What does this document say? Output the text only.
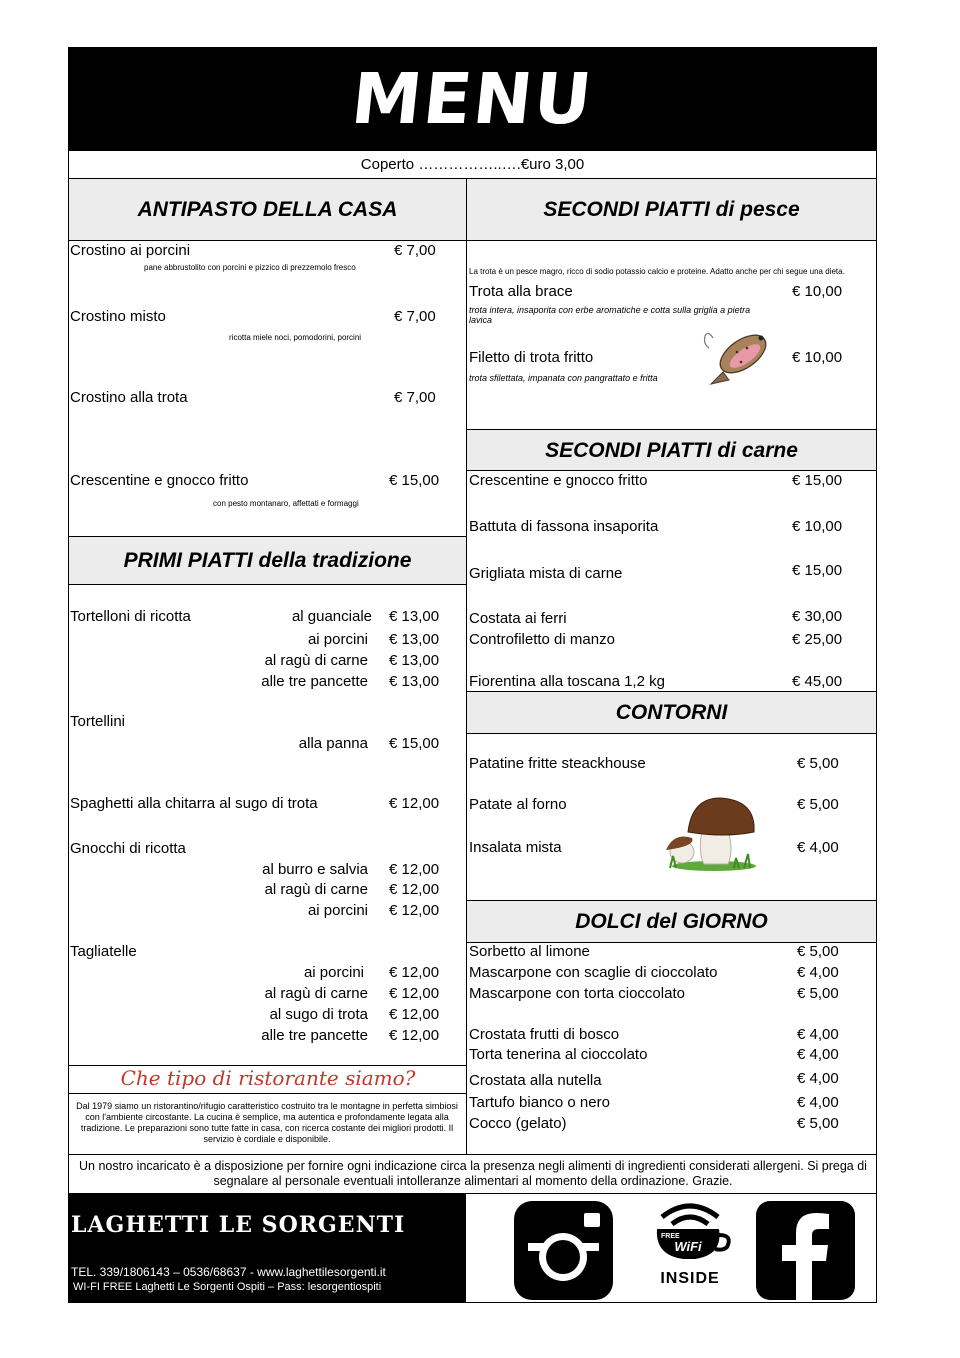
MENU
Coperto ……………..….€uro 3,00
ANTIPASTO DELLA CASA
Crostino ai porcini	€ 7,00
pane abbrustolito con porcini e pizzico di prezzemolo fresco
Crostino misto	€ 7,00
ricotta miele noci, pomodorini, porcini
Crostino alla trota	€ 7,00
Crescentine e gnocco fritto	€ 15,00
con pesto montanaro, affettati e formaggi
PRIMI PIATTI della tradizione
Tortelloni di ricotta	al guanciale € 13,00
ai porcini € 13,00
al ragù di carne € 13,00
alle tre pancette € 13,00
Tortellini
alla panna € 15,00
Spaghetti alla chitarra al sugo di trota	€ 12,00
Gnocchi di ricotta
al burro e salvia € 12,00
al ragù di carne € 12,00
ai porcini € 12,00
Tagliatelle
ai porcini € 12,00
al ragù di carne € 12,00
al sugo di trota € 12,00
alle tre pancette € 12,00
Che tipo di ristorante siamo?
Dal 1979 siamo un ristorantino/rifugio caratteristico costruito tra le montagne in perfetta simbiosi con l'ambiente circostante. La cucina è semplice, ma autentica e profondamente legata alla tradizione. Le preparazioni sono tutte fatte in casa, con ricerca costante dei migliori prodotti. Il servizio è cordiale e disponibile.
SECONDI PIATTI di pesce
La trota è un pesce magro, ricco di sodio potassio calcio e proteine. Adatto anche per chi segue una dieta.
Trota alla brace	€ 10,00
trota intera, insaporita con erbe aromatiche e cotta sulla griglia a pietra lavica
Filetto di trota fritto	€ 10,00
trota sfilettata, impanata con pangrattato e fritta
SECONDI PIATTI di carne
Crescentine e gnocco fritto	€ 15,00
Battuta di fassona insaporita	€ 10,00
Grigliata mista di carne	€ 15,00
Costata ai ferri	€ 30,00
Controfiletto di manzo	€ 25,00
Fiorentina alla toscana 1,2 kg	€ 45,00
CONTORNI
Patatine fritte steackhouse	€ 5,00
Patate al forno	€ 5,00
Insalata mista	€ 4,00
DOLCI del GIORNO
Sorbetto al limone	€ 5,00
Mascarpone con scaglie di cioccolato	€ 4,00
Mascarpone con torta cioccolato	€ 5,00
Crostata frutti di bosco	€ 4,00
Torta tenerina al cioccolato	€ 4,00
Crostata alla nutella	€ 4,00
Tartufo bianco o nero	€ 4,00
Cocco (gelato)	€ 5,00
Un nostro incaricato è a disposizione per fornire ogni indicazione circa la presenza negli alimenti di ingredienti considerati allergeni. Si prega di segnalare al personale eventuali intolleranze alimentari al momento della ordinazione. Grazie.
LAGHETTI LE SORGENTI
TEL. 339/1806143 – 0536/68637 - www.laghettilesorgenti.it
WI-FI FREE Laghetti Le Sorgenti Ospiti – Pass: lesorgentiospiti
FREE
WiFi
INSIDE
